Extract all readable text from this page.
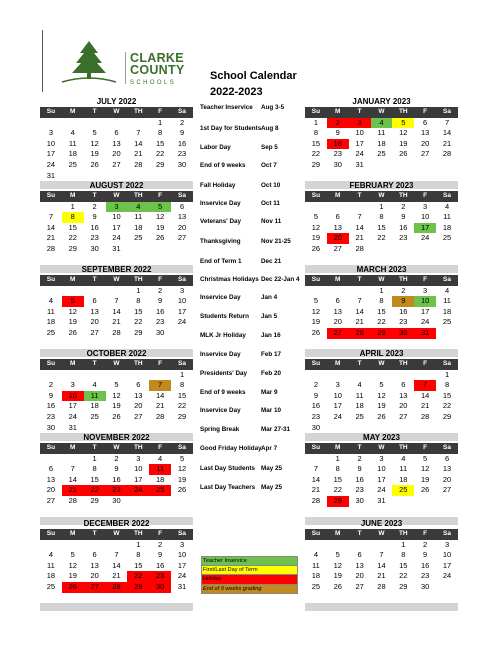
CLARKE
COUNTY
SCHOOLS
School Calendar
2022-2023
JULY 2022
Su	M	T	W	TH	F	Sa
					1	2
3	4	5	6	7	8	9
10	11	12	13	14	15	16
17	18	19	20	21	22	23
24	25	26	27	28	29	30
31						

AUGUST 2022
Su	M	T	W	TH	F	Sa
	1	2	3	4	5	6
7	8	9	10	11	12	13
14	15	16	17	18	19	20
21	22	23	24	25	26	27
28	29	30	31			

SEPTEMBER 2022
Su	M	T	W	TH	F	Sa
				1	2	3
4	5	6	7	8	9	10
11	12	13	14	15	16	17
18	19	20	21	22	23	24
25	26	27	28	29	30	

OCTOBER 2022
Su	M	T	W	TH	F	Sa
						1
2	3	4	5	6	7	8
9	10	11	12	13	14	15
16	17	18	19	20	21	22
23	24	25	26	27	28	29
30	31					

NOVEMBER 2022
Su	M	T	W	TH	F	Sa
		1	2	3	4	5
6	7	8	9	10	11	12
13	14	15	16	17	18	19
20	21	22	23	24	25	26
27	28	29	30			

DECEMBER 2022
Su	M	T	W	TH	F	Sa
				1	2	3
4	5	6	7	8	9	10
11	12	13	14	15	16	17
18	19	20	21	22	23	24
25	26	27	28	29	30	31

JANUARY 2023
Su	M	T	W	TH	F	Sa
1	2	3	4	5	6	7
8	9	10	11	12	13	14
15	16	17	18	19	20	21
22	23	24	25	26	27	28
29	30	31				

FEBRUARY 2023
Su	M	T	W	TH	F	Sa
			1	2	3	4
5	6	7	8	9	10	11
12	13	14	15	16	17	18
19	20	21	22	23	24	25
26	27	28				

MARCH 2023
Su	M	T	W	TH	F	Sa
			1	2	3	4
5	6	7	8	9	10	11
12	13	14	15	16	17	18
19	20	21	22	23	24	25
26	27	28	29	30	31	

APRIL 2023
Su	M	T	W	TH	F	Sa
						1
2	3	4	5	6	7	8
9	10	11	12	13	14	15
16	17	18	19	20	21	22
23	24	25	26	27	28	29
30						

MAY 2023
Su	M	T	W	TH	F	Sa
	1	2	3	4	5	6
7	8	9	10	11	12	13
14	15	16	17	18	19	20
21	22	23	24	25	26	27
28	29	30	31			

JUNE 2023
Su	M	T	W	TH	F	Sa
				1	2	3
4	5	6	7	8	9	10
11	12	13	14	15	16	17
18	19	20	21	22	23	24
25	26	27	28	29	30	

Teacher Inservice Aug 3-5
1st Day for Students Aug 8
Labor Day	Sep 5
End of 9 weeks Oct 7
Fall Holiday	Oct 10
Inservice Day	Oct 11
Veterans' Day	Nov 11
Thanksgiving	Nov 21-25
End of Term 1	Dec 21
Christmas Holidays Dec 22-Jan 4
Inservice Day	Jan 4
Students Return Jan 5
MLK Jr Holiday Jan 16
Inservice Day	Feb 17
Presidents' Day Feb 20
End of 9 weeks Mar 9
Inservice Day	Mar 10
Spring Break	Mar 27-31
Good Friday Holiday Apr 7
Last Day Students May 25
Last Day Teachers May 25
Teacher Inservice
First/Last Day of Term
Holiday
End of 9 weeks grading
